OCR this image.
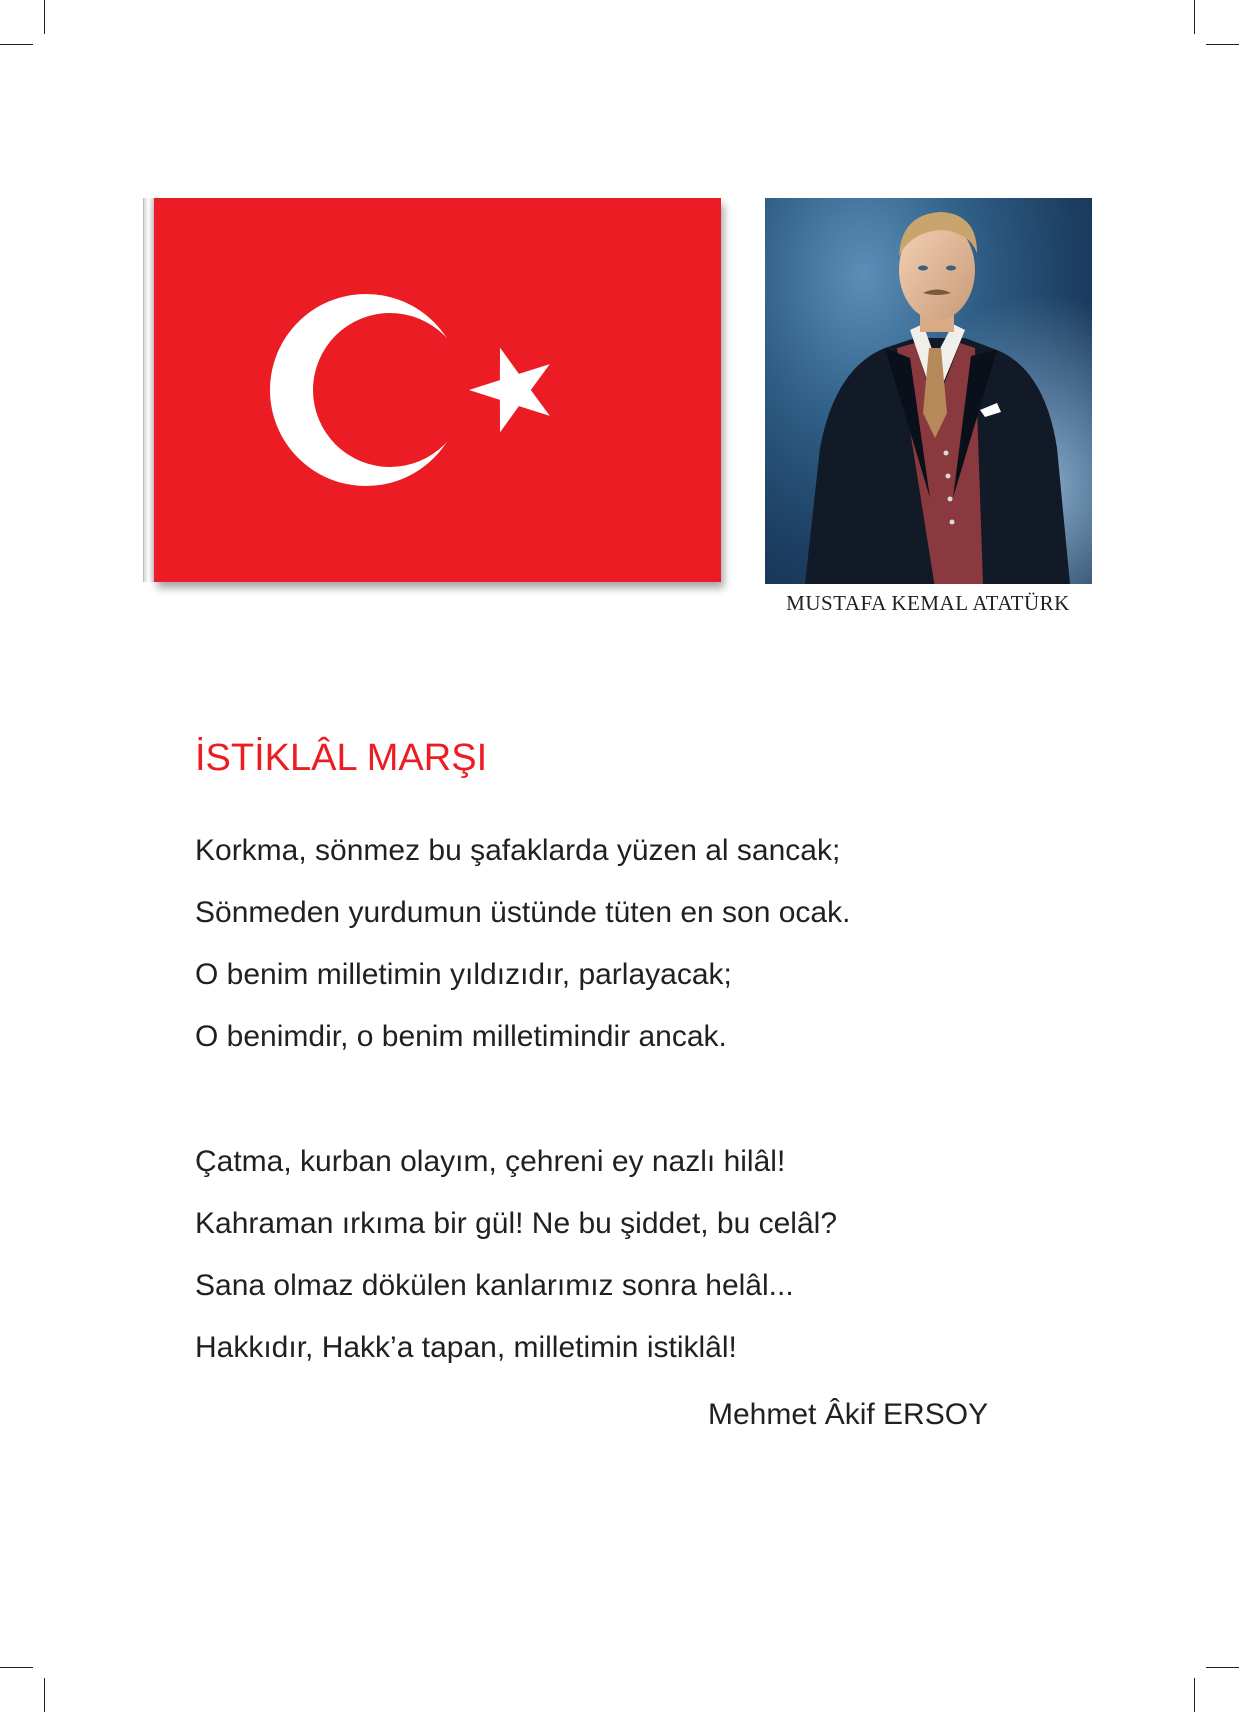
MUSTAFA KEMAL ATATÜRK
İSTİKLÂL MARŞI
Korkma, sönmez bu şafaklarda yüzen al sancak;
Sönmeden yurdumun üstünde tüten en son ocak.
O benim milletimin yıldızıdır, parlayacak;
O benimdir, o benim milletimindir ancak.
Çatma, kurban olayım, çehreni ey nazlı hilâl!
Kahraman ırkıma bir gül! Ne bu şiddet, bu celâl?
Sana olmaz dökülen kanlarımız sonra helâl...
Hakkıdır, Hakk’a tapan, milletimin istiklâl!
Mehmet Âkif ERSOY
